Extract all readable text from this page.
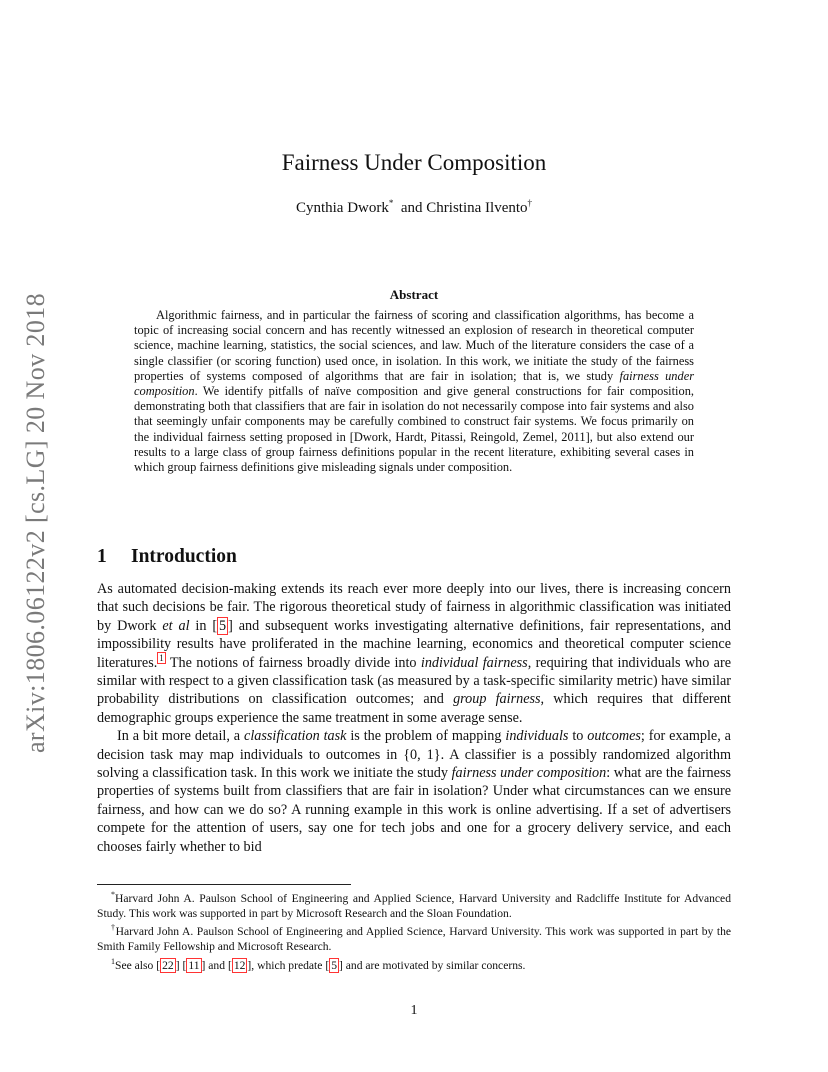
arXiv:1806.06122v2 [cs.LG] 20 Nov 2018
Fairness Under Composition
Cynthia Dwork* and Christina Ilvento†
Abstract

Algorithmic fairness, and in particular the fairness of scoring and classification algorithms, has become a topic of increasing social concern and has recently witnessed an explosion of research in theoretical computer science, machine learning, statistics, the social sciences, and law. Much of the literature considers the case of a single classifier (or scoring function) used once, in isolation. In this work, we initiate the study of the fairness properties of systems composed of algorithms that are fair in isolation; that is, we study fairness under composition. We identify pitfalls of naïve composition and give general constructions for fair composition, demonstrating both that classifiers that are fair in isolation do not necessarily compose into fair systems and also that seemingly unfair components may be carefully combined to construct fair systems. We focus primarily on the individual fairness setting proposed in [Dwork, Hardt, Pitassi, Reingold, Zemel, 2011], but also extend our results to a large class of group fairness definitions popular in the recent literature, exhibiting several cases in which group fairness definitions give misleading signals under composition.

1 Introduction

As automated decision-making extends its reach ever more deeply into our lives, there is increasing concern that such decisions be fair. The rigorous theoretical study of fairness in algorithmic classification was initiated by Dwork et al in [ 5 ] and subsequent works investigating alternative definitions, fair representations, and impossibility results have proliferated in the machine learning, economics and theoretical computer science literatures. $^1$ The notions of fairness broadly divide into individual fairness, requiring that individuals who are similar with respect to a given classification task (as measured by a task-specific similarity metric) have similar probability distributions on classification outcomes; and group fairness, which requires that different demographic groups experience the same treatment in some average sense.

In a bit more detail, a classification task is the problem of mapping individuals to outcomes; for example, a decision task may map individuals to outcomes in {0, 1}. A classifier is a possibly randomized algorithm solving a classification task. In this work we initiate the study fairness under composition: what are the fairness properties of systems built from classifiers that are fair in isolation? Under what circumstances can we ensure fairness, and how can we do so? A running example in this work is online advertising. If a set of advertisers compete for the attention of users, say one for tech jobs and one for a grocery delivery service, and each chooses fairly whether to bid

*Harvard John A. Paulson School of Engineering and Applied Science, Harvard University and Radcliffe Institute for Advanced Study. This work was supported in part by Microsoft Research and the Sloan Foundation.

†Harvard John A. Paulson School of Engineering and Applied Science, Harvard University. This work was supported in part by the Smith Family Fellowship and Microsoft Research.

$^1$See also [ 22 ] [ 11 ] and [ 12 ], which predate [ 5 ] and are motivated by similar concerns.

1
